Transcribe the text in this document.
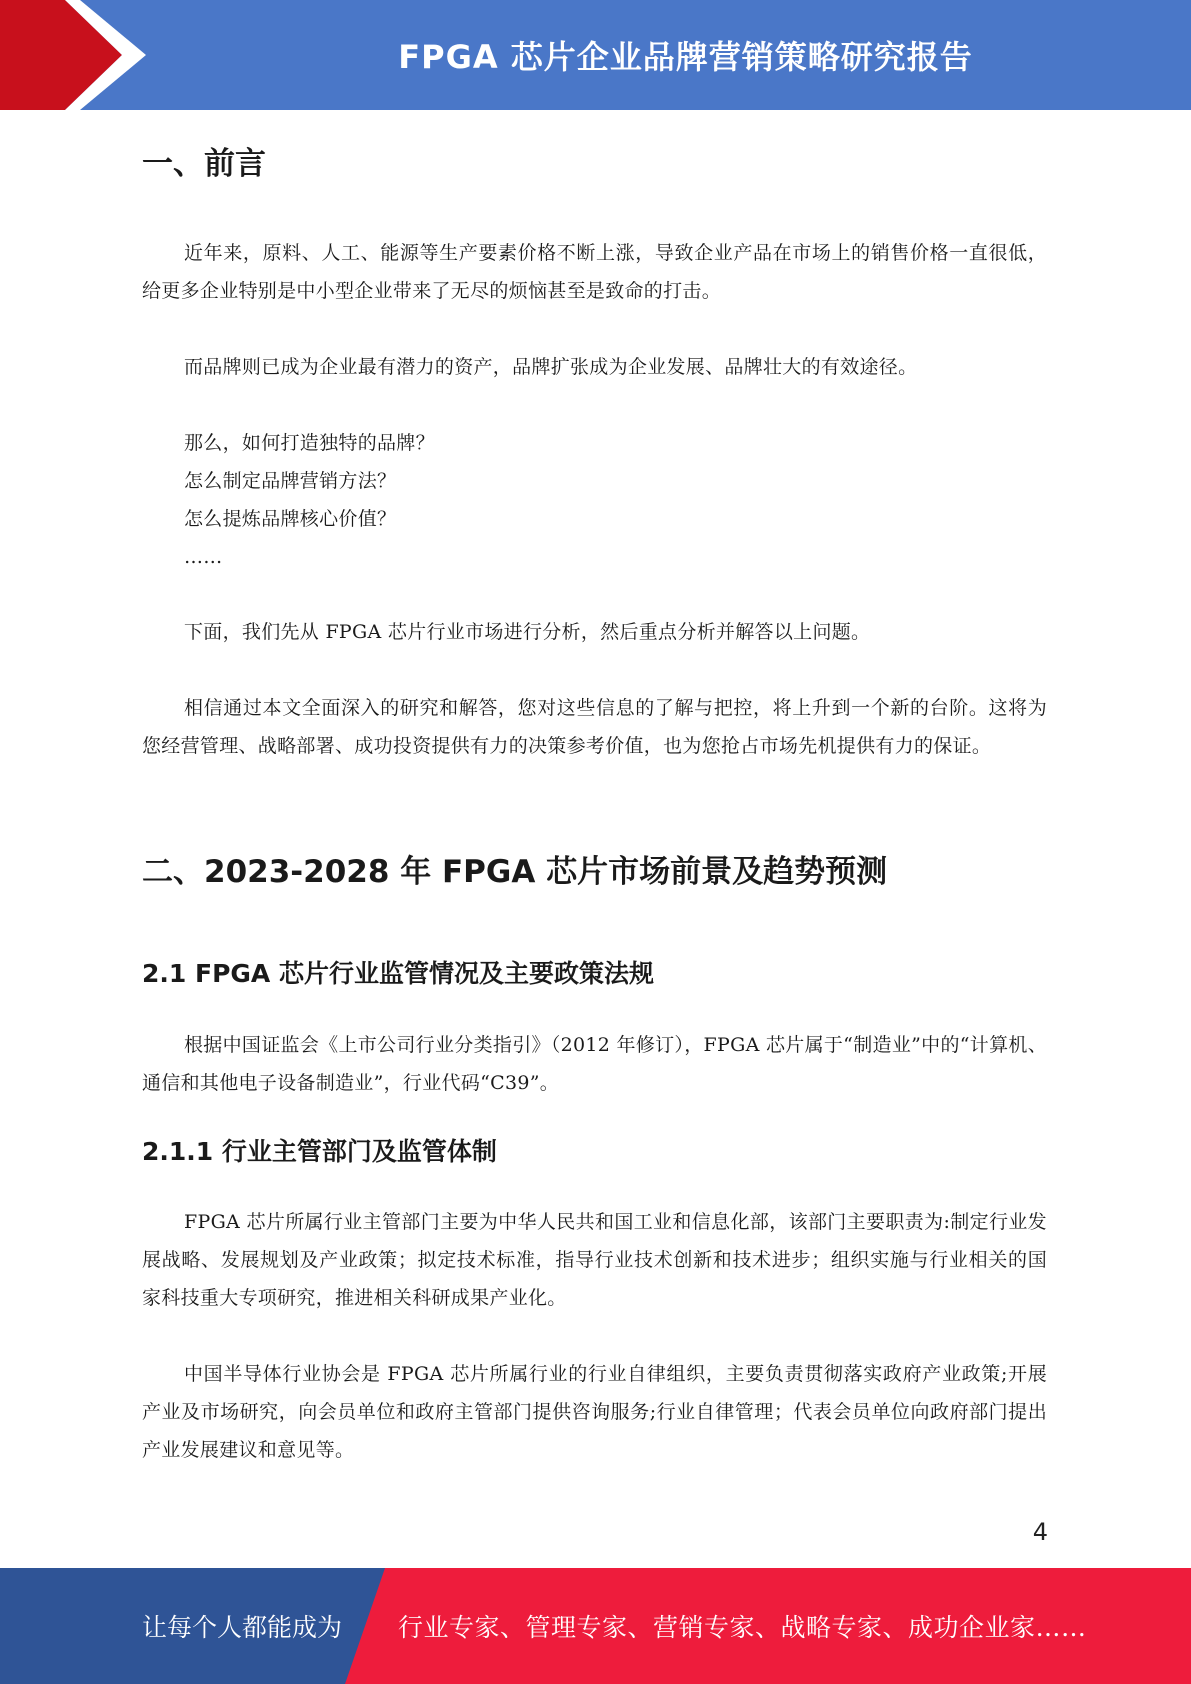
FPGA 芯片企业品牌营销策略研究报告
一、前言

近年来，原料、人工、能源等生产要素价格不断上涨，导致企业产品在市场上的销售价格一直很低，给更多企业特别是中小型企业带来了无尽的烦恼甚至是致命的打击。

而品牌则已成为企业最有潜力的资产，品牌扩张成为企业发展、品牌壮大的有效途径。

那么，如何打造独特的品牌？
怎么制定品牌营销方法？
怎么提炼品牌核心价值？
……

下面，我们先从 FPGA 芯片行业市场进行分析，然后重点分析并解答以上问题。

相信通过本文全面深入的研究和解答，您对这些信息的了解与把控，将上升到一个新的台阶。这将为您经营管理、战略部署、成功投资提供有力的决策参考价值，也为您抢占市场先机提供有力的保证。

二、2023-2028 年 FPGA 芯片市场前景及趋势预测
2.1 FPGA 芯片行业监管情况及主要政策法规

根据中国证监会《上市公司行业分类指引》（2012 年修订），FPGA 芯片属于“制造业”中的“计算机、通信和其他电子设备制造业”，行业代码“C39”。

2.1.1 行业主管部门及监管体制

FPGA 芯片所属行业主管部门主要为中华人民共和国工业和信息化部，该部门主要职责为:制定行业发展战略、发展规划及产业政策；拟定技术标准，指导行业技术创新和技术进步；组织实施与行业相关的国家科技重大专项研究，推进相关科研成果产业化。

中国半导体行业协会是 FPGA 芯片所属行业的行业自律组织，主要负责贯彻落实政府产业政策;开展产业及市场研究，向会员单位和政府主管部门提供咨询服务;行业自律管理；代表会员单位向政府部门提出产业发展建议和意见等。

4
让每个人都能成为 行业专家、管理专家、营销专家、战略专家、成功企业家……
